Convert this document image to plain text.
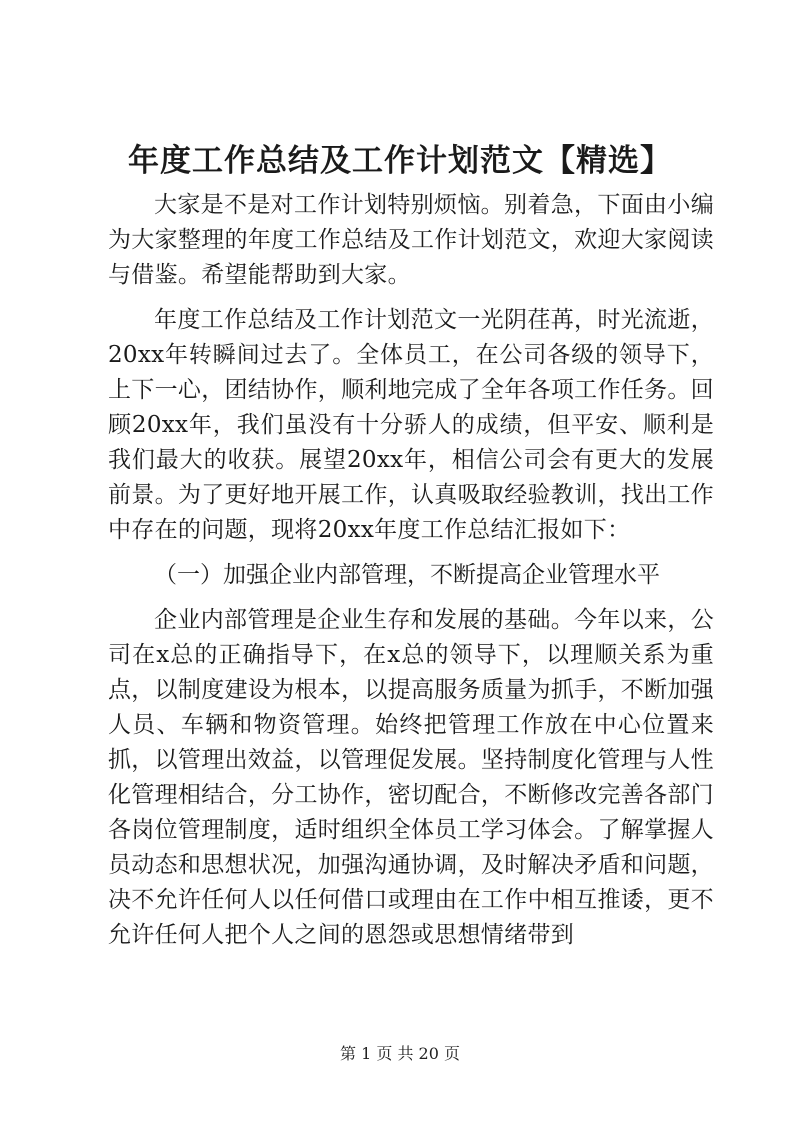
年度工作总结及工作计划范文【精选】

大家是不是对工作计划特别烦恼。别着急，下面由小编为大家整理的年度工作总结及工作计划范文，欢迎大家阅读与借鉴。希望能帮助到大家。

年度工作总结及工作计划范文一光阴荏苒，时光流逝，20xx年转瞬间过去了。全体员工，在公司各级的领导下，上下一心，团结协作，顺利地完成了全年各项工作任务。回顾20xx年，我们虽没有十分骄人的成绩，但平安、顺利是我们最大的收获。展望20xx年，相信公司会有更大的发展前景。为了更好地开展工作，认真吸取经验教训，找出工作中存在的问题，现将20xx年度工作总结汇报如下：

（一）加强企业内部管理，不断提高企业管理水平

企业内部管理是企业生存和发展的基础。今年以来，公司在x总的正确指导下，在x总的领导下，以理顺关系为重点，以制度建设为根本，以提高服务质量为抓手，不断加强人员、车辆和物资管理。始终把管理工作放在中心位置来抓，以管理出效益，以管理促发展。坚持制度化管理与人性化管理相结合，分工协作，密切配合，不断修改完善各部门各岗位管理制度，适时组织全体员工学习体会。了解掌握人员动态和思想状况，加强沟通协调，及时解决矛盾和问题，决不允许任何人以任何借口或理由在工作中相互推诿，更不允许任何人把个人之间的恩怨或思想情绪带到

第 1 页 共 20 页
